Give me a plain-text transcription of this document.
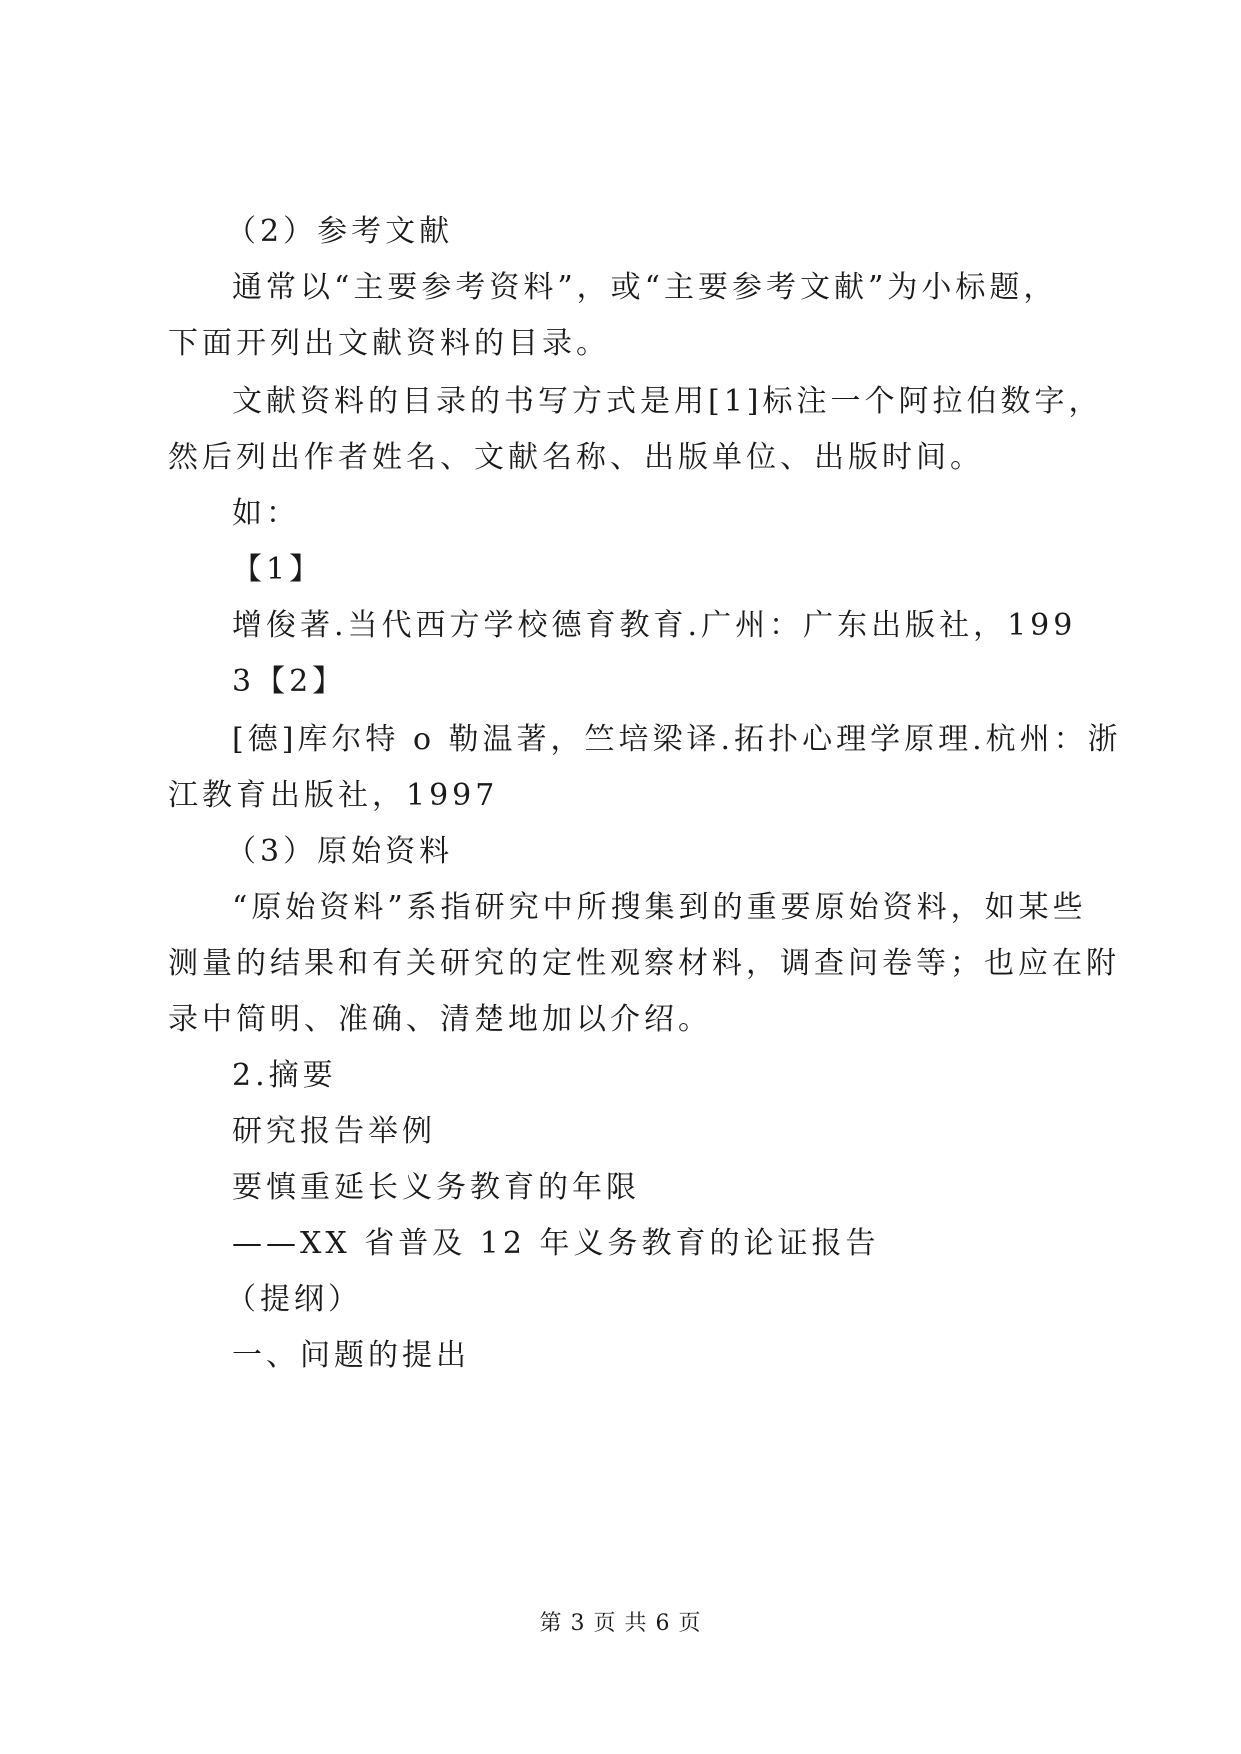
（2）参考文献
通常以“主要参考资料”，或“主要参考文献”为小标题，
下面开列出文献资料的目录。
文献资料的目录的书写方式是用[1]标注一个阿拉伯数字，
然后列出作者姓名、文献名称、出版单位、出版时间。
如：
【1】
增俊著.当代西方学校德育教育.广州：广东出版社，199
3【2】
[德]库尔特 o 勒温著，竺培梁译.拓扑心理学原理.杭州：浙
江教育出版社，1997
（3）原始资料
“原始资料”系指研究中所搜集到的重要原始资料，如某些
测量的结果和有关研究的定性观察材料，调查问卷等；也应在附
录中简明、准确、清楚地加以介绍。
2.摘要
研究报告举例
要慎重延长义务教育的年限
——XX 省普及 12 年义务教育的论证报告
（提纲）
一、问题的提出
第 3 页 共 6 页
